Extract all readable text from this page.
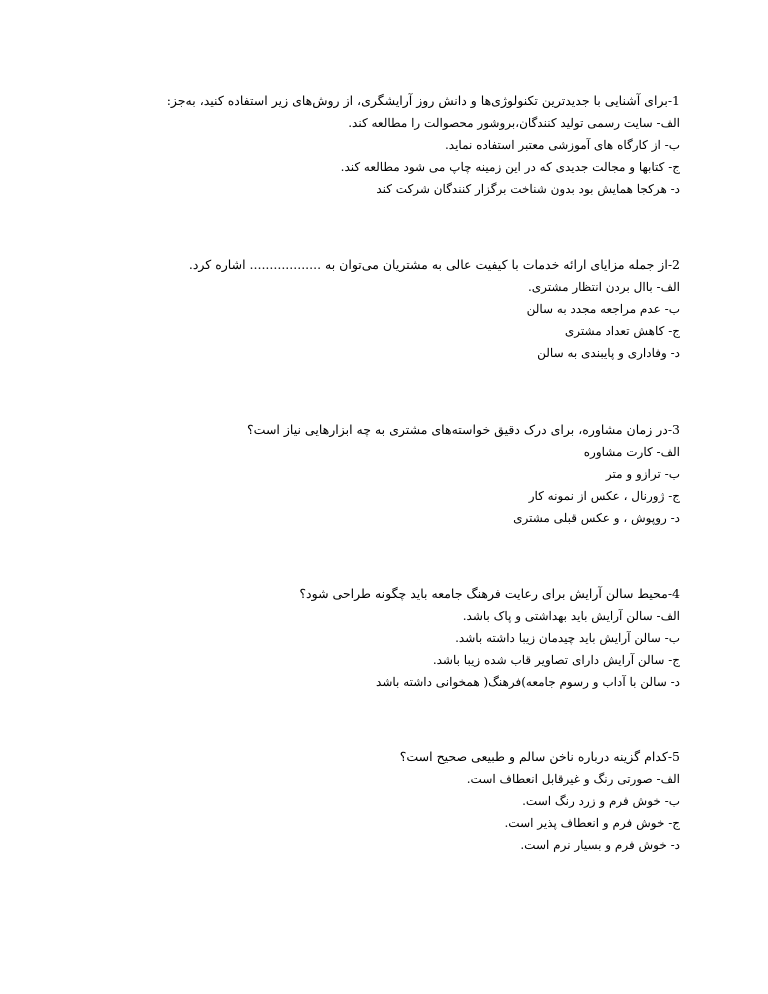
1-برای آشنایی با جدیدترین تکنولوژی‌ها و دانش روز آرایشگری، از روش‌های زیر استفاده کنید، به‌جز:

الف- سایت رسمی تولید کنندگان،بروشور محصوالت را مطالعه کند.

ب- از کارگاه های آموزشی معتبر استفاده نماید.

ج- کتابها و مجالت جدیدی که در این زمینه چاپ می شود مطالعه کند.

د- هرکجا همایش بود بدون شناخت برگزار کنندگان شرکت کند

2-از جمله مزایای ارائه خدمات با کیفیت عالی به مشتریان می‌توان به .................. اشاره کرد.

الف- باال بردن انتظار مشتری.

ب- عدم مراجعه مجدد به سالن

ج- کاهش تعداد مشتری

د- وفاداری و پایبندی به سالن

3-در زمان مشاوره، برای درک دقیق خواسته‌های مشتری به چه ابزارهایی نیاز است؟

الف- کارت مشاوره

ب- ترازو و متر

ج- ژورنال ، عکس از نمونه کار

د- روپوش ، و عکس قبلی مشتری

4-محیط سالن آرایش برای رعایت فرهنگ جامعه باید چگونه طراحی شود؟

الف- سالن آرایش باید بهداشتی و پاک باشد.

ب- سالن آرایش باید چیدمان زیبا داشته باشد.

ج- سالن آرایش دارای تصاویر قاب شده زیبا باشد.

د- سالن با آداب و رسوم جامعه)فرهنگ( همخوانی داشته باشد

5-کدام گزینه درباره ناخن سالم و طبیعی صحیح است؟

الف- صورتی رنگ و غیرقابل انعطاف است.

ب- خوش فرم و زرد رنگ است.

ج- خوش فرم و انعطاف پذیر است.

د- خوش فرم و بسیار نرم است.
